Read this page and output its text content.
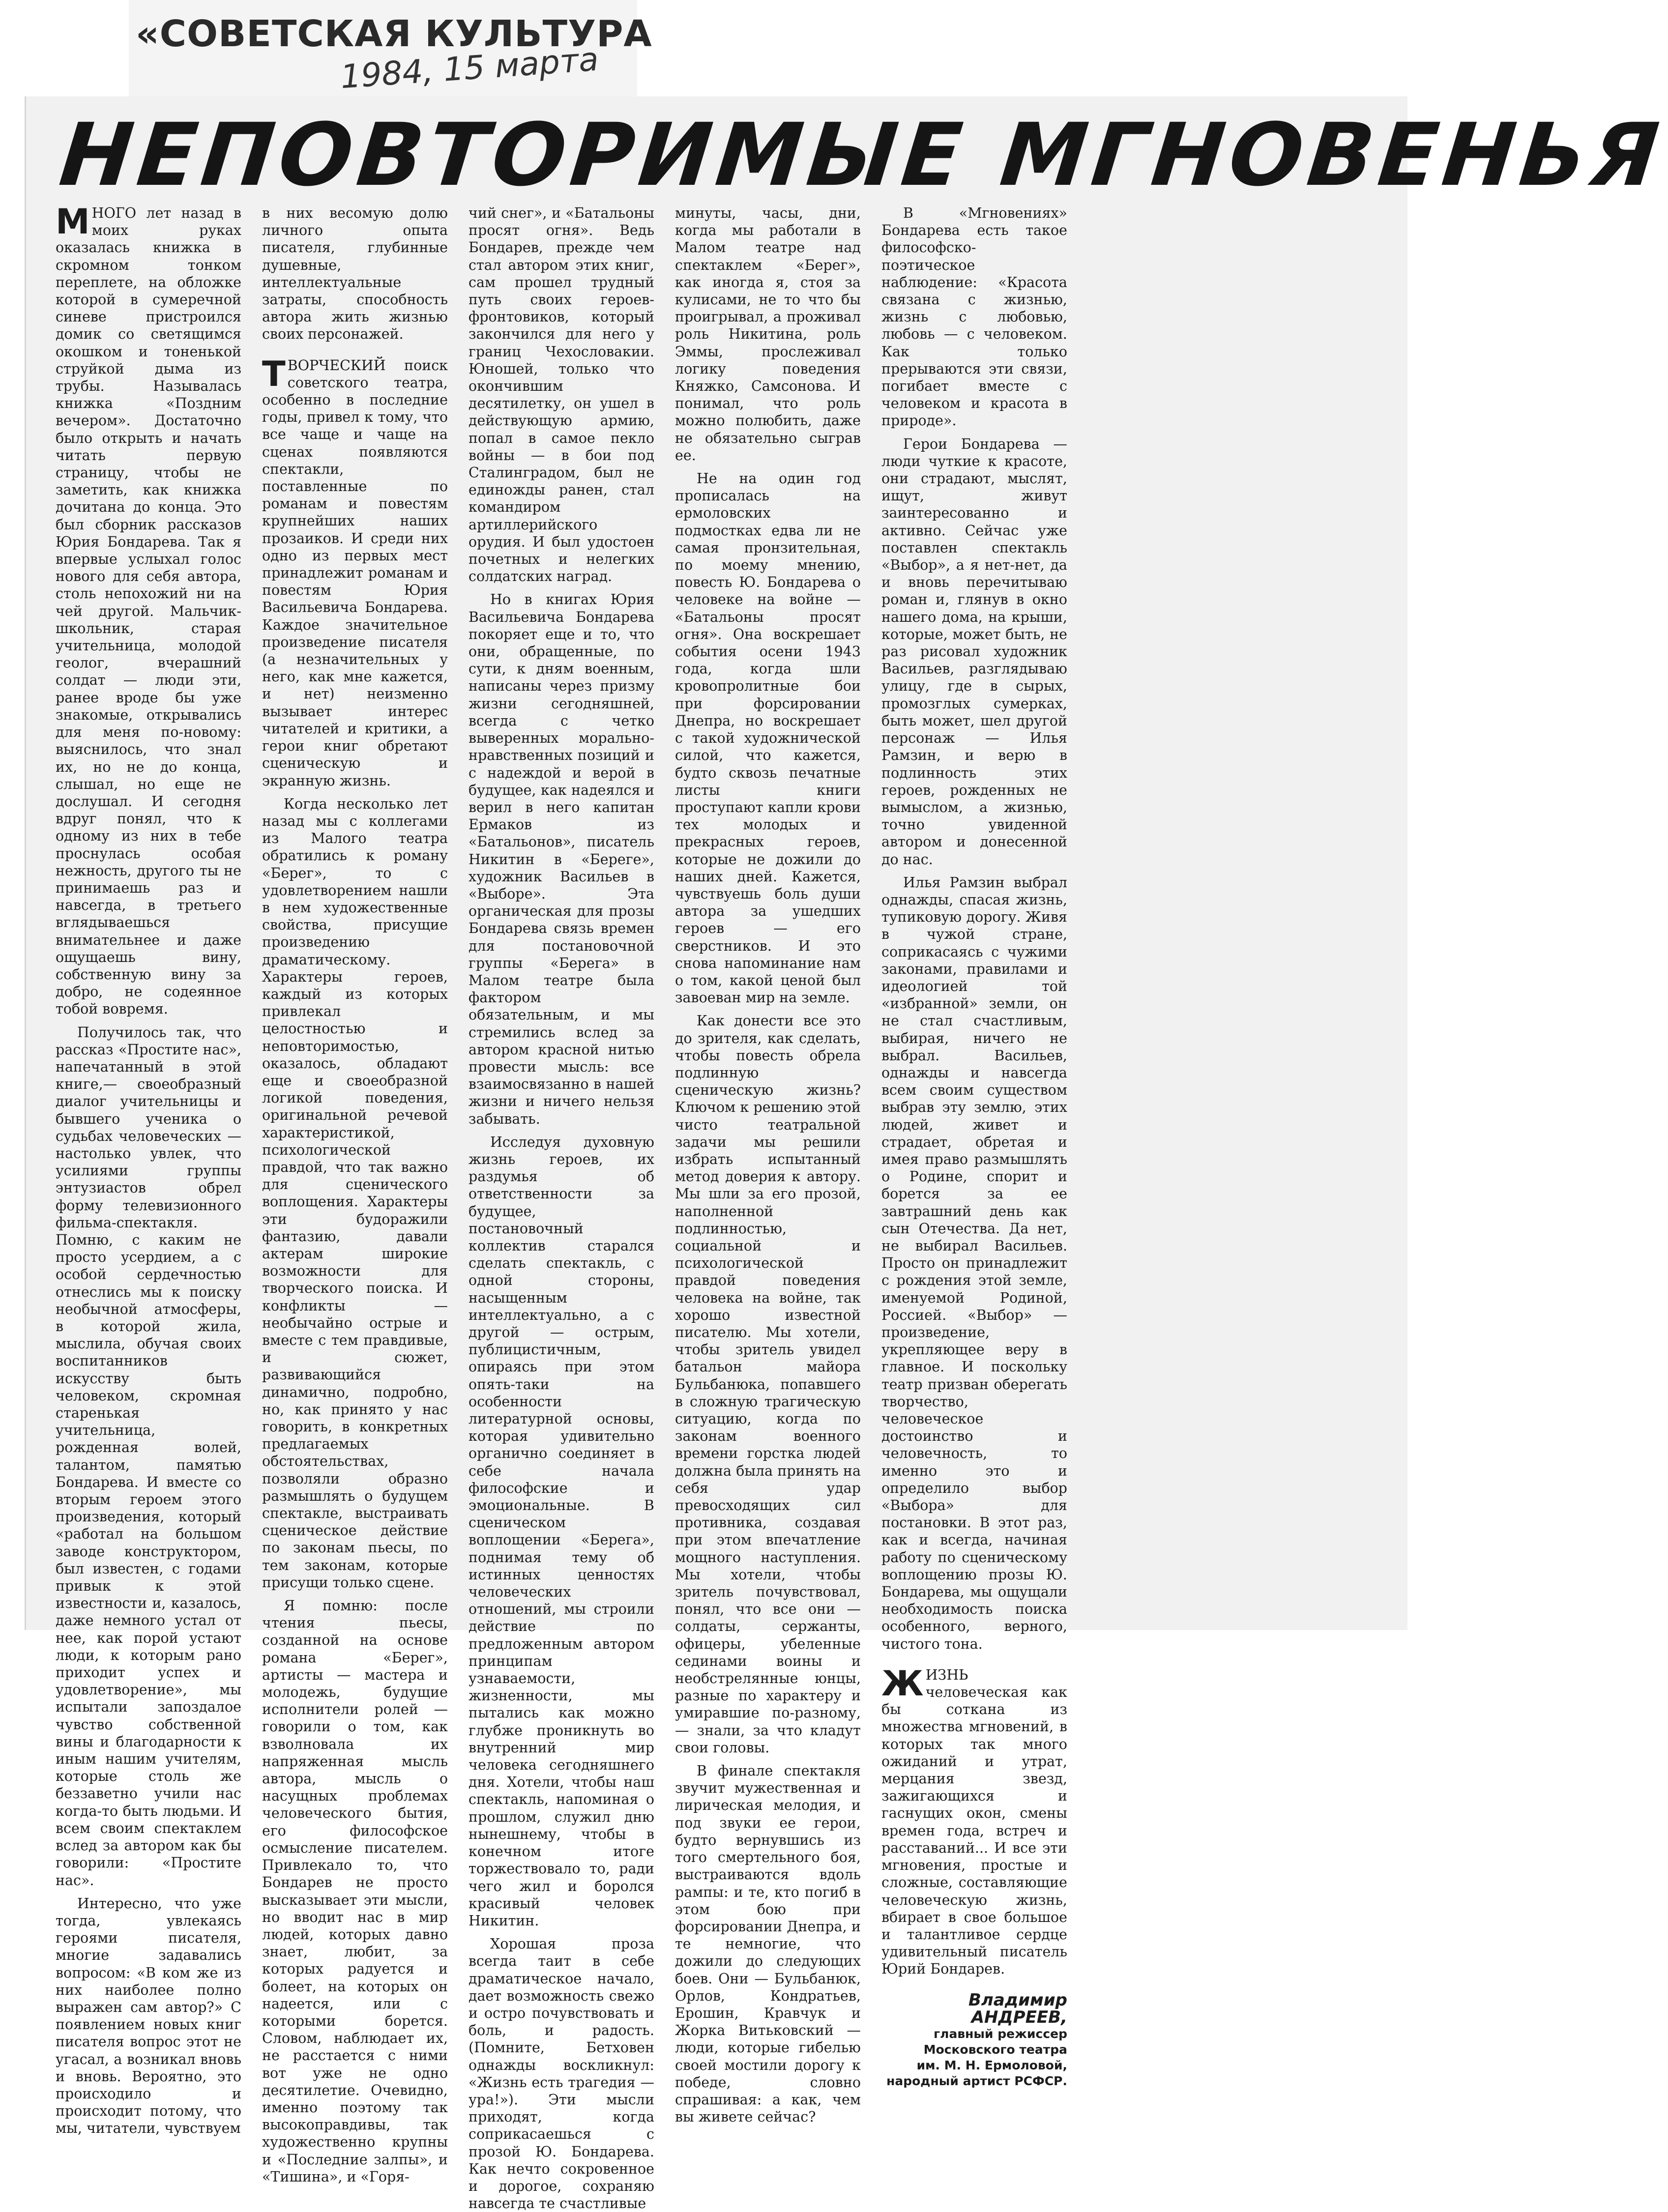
«СОВЕТСКАЯ КУЛЬТУРА
1984, 15 марта
НЕПОВТОРИМЫЕ МГНОВЕНЬЯ

МНОГО лет назад в моих руках оказалась книжка в скромном тонком переплете, на обложке которой в сумеречной синеве пристроился домик со светящимся окошком и тоненькой струйкой дыма из трубы. Называлась книжка «Поздним вечером». Достаточно было открыть и начать читать первую страницу, чтобы не заметить, как книжка дочитана до конца. Это был сборник рассказов Юрия Бондарева. Так я впервые услыхал голос нового для себя автора, столь непохожий ни на чей другой. Мальчик-школьник, старая учительница, молодой геолог, вчерашний солдат — люди эти, ранее вроде бы уже знакомые, открывались для меня по-новому: выяснилось, что знал их, но не до конца, слышал, но еще не дослушал. И сегодня вдруг понял, что к одному из них в тебе проснулась особая нежность, другого ты не принимаешь раз и навсегда, в третьего вглядываешься внимательнее и даже ощущаешь вину, собственную вину за добро, не содеянное тобой вовремя.

Получилось так, что рассказ «Простите нас», напечатанный в этой книге,— своеобразный диалог учительницы и бывшего ученика о судьбах человеческих — настолько увлек, что усилиями группы энтузиастов обрел форму телевизионного фильма-спектакля. Помню, с каким не просто усердием, а с особой сердечностью отнеслись мы к поиску необычной атмосферы, в которой жила, мыслила, обучая своих воспитанников искусству быть человеком, скромная старенькая учительница, рожденная волей, талантом, памятью Бондарева. И вместе со вторым героем этого произведения, который «работал на большом заводе конструктором, был известен, с годами привык к этой известности и, казалось, даже немного устал от нее, как порой устают люди, к которым рано приходит успех и удовлетворение», мы испытали запоздалое чувство собственной вины и благодарности к иным нашим учителям, которые столь же беззаветно учили нас когда-то быть людьми. И всем своим спектаклем вслед за автором как бы говорили: «Простите нас».

Интересно, что уже тогда, увлекаясь героями писателя, многие задавались вопросом: «В ком же из них наиболее полно выражен сам автор?» С появлением новых книг писателя вопрос этот не угасал, а возникал вновь и вновь. Вероятно, это происходило и происходит потому, что мы, читатели, чувствуем

в них весомую долю личного опыта писателя, глубинные душевные, интеллектуальные затраты, способность автора жить жизнью своих персонажей.

ТВОРЧЕСКИЙ поиск советского театра, особенно в последние годы, привел к тому, что все чаще и чаще на сценах появляются спектакли, поставленные по романам и повестям крупнейших наших прозаиков. И среди них одно из первых мест принадлежит романам и повестям Юрия Васильевича Бондарева. Каждое значительное произведение писателя (а незначительных у него, как мне кажется, и нет) неизменно вызывает интерес читателей и критики, а герои книг обретают сценическую и экранную жизнь.

Когда несколько лет назад мы с коллегами из Малого театра обратились к роману «Берег», то с удовлетворением нашли в нем художественные свойства, присущие произведению драматическому. Характеры героев, каждый из которых привлекал целостностью и неповторимостью, оказалось, обладают еще и своеобразной логикой поведения, оригинальной речевой характеристикой, психологической правдой, что так важно для сценического воплощения. Характеры эти будоражили фантазию, давали актерам широкие возможности для творческого поиска. И конфликты — необычайно острые и вместе с тем правдивые, и сюжет, развивающийся динамично, подробно, но, как принято у нас говорить, в конкретных предлагаемых обстоятельствах, позволяли образно размышлять о будущем спектакле, выстраивать сценическое действие по законам пьесы, по тем законам, которые присущи только сцене.

Я помню: после чтения пьесы, созданной на основе романа «Берег», артисты — мастера и молодежь, будущие исполнители ролей — говорили о том, как взволновала их напряженная мысль автора, мысль о насущных проблемах человеческого бытия, его философское осмысление писателем. Привлекало то, что Бондарев не просто высказывает эти мысли, но вводит нас в мир людей, которых давно знает, любит, за которых радуется и болеет, на которых он надеется, или с которыми борется. Словом, наблюдает их, не расстается с ними вот уже не одно десятилетие. Очевидно, именно поэтому так высокоправдивы, так художественно крупны и «Последние залпы», и «Тишина», и «Горя-

чий снег», и «Батальоны просят огня». Ведь Бондарев, прежде чем стал автором этих книг, сам прошел трудный путь своих героев-фронтовиков, который закончился для него у границ Чехословакии. Юношей, только что окончившим десятилетку, он ушел в действующую армию, попал в самое пекло войны — в бои под Сталинградом, был не единожды ранен, стал командиром артиллерийского орудия. И был удостоен почетных и нелегких солдатских наград.

Но в книгах Юрия Васильевича Бондарева покоряет еще и то, что они, обращенные, по сути, к дням военным, написаны через призму жизни сегодняшней, всегда с четко выверенных морально-нравственных позиций и с надеждой и верой в будущее, как надеялся и верил в него капитан Ермаков из «Батальонов», писатель Никитин в «Береге», художник Васильев в «Выборе». Эта органическая для прозы Бондарева связь времен для постановочной группы «Берега» в Малом театре была фактором обязательным, и мы стремились вслед за автором красной нитью провести мысль: все взаимосвязанно в нашей жизни и ничего нельзя забывать.

Исследуя духовную жизнь героев, их раздумья об ответственности за будущее, постановочный коллектив старался сделать спектакль, с одной стороны, насыщенным интеллектуально, а с другой — острым, публицистичным, опираясь при этом опять-таки на особенности литературной основы, которая удивительно органично соединяет в себе начала философские и эмоциональные. В сценическом воплощении «Берега», поднимая тему об истинных ценностях человеческих отношений, мы строили действие по предложенным автором принципам узнаваемости, жизненности, мы пытались как можно глубже проникнуть во внутренний мир человека сегодняшнего дня. Хотели, чтобы наш спектакль, напоминая о прошлом, служил дню нынешнему, чтобы в конечном итоге торжествовало то, ради чего жил и боролся красивый человек Никитин.

Хорошая проза всегда таит в себе драматическое начало, дает возможность свежо и остро почувствовать и боль, и радость. (Помните, Бетховен однажды воскликнул: «Жизнь есть трагедия — ура!»). Эти мысли приходят, когда соприкасаешься с прозой Ю. Бондарева. Как нечто сокровенное и дорогое, сохраняю навсегда те счастливые

минуты, часы, дни, когда мы работали в Малом театре над спектаклем «Берег», как иногда я, стоя за кулисами, не то что бы проигрывал, а проживал роль Никитина, роль Эммы, прослеживал логику поведения Княжко, Самсонова. И понимал, что роль можно полюбить, даже не обязательно сыграв ее.

Не на один год прописалась на ермоловских подмостках едва ли не самая пронзительная, по моему мнению, повесть Ю. Бондарева о человеке на войне — «Батальоны просят огня». Она воскрешает события осени 1943 года, когда шли кровопролитные бои при форсировании Днепра, но воскрешает с такой художнической силой, что кажется, будто сквозь печатные листы книги проступают капли крови тех молодых и прекрасных героев, которые не дожили до наших дней. Кажется, чувствуешь боль души автора за ушедших героев — его сверстников. И это снова напоминание нам о том, какой ценой был завоеван мир на земле.

Как донести все это до зрителя, как сделать, чтобы повесть обрела подлинную сценическую жизнь? Ключом к решению этой чисто театральной задачи мы решили избрать испытанный метод доверия к автору. Мы шли за его прозой, наполненной подлинностью, социальной и психологической правдой поведения человека на войне, так хорошо известной писателю. Мы хотели, чтобы зритель увидел батальон майора Бульбанюка, попавшего в сложную трагическую ситуацию, когда по законам военного времени горстка людей должна была принять на себя удар превосходящих сил противника, создавая при этом впечатление мощного наступления. Мы хотели, чтобы зритель почувствовал, понял, что все они — солдаты, сержанты, офицеры, убеленные сединами воины и необстрелянные юнцы, разные по характеру и умиравшие по-разному,— знали, за что кладут свои головы.

В финале спектакля звучит мужественная и лирическая мелодия, и под звуки ее герои, будто вернувшись из того смертельного боя, выстраиваются вдоль рампы: и те, кто погиб в этом бою при форсировании Днепра, и те немногие, что дожили до следующих боев. Они — Бульбанюк, Орлов, Кондратьев, Ерошин, Кравчук и Жорка Витьковский — люди, которые гибелью своей мостили дорогу к победе, словно спрашивая: а как, чем вы живете сейчас?

В «Мгновениях» Бондарева есть такое философско-поэтическое наблюдение: «Красота связана с жизнью, жизнь с любовью, любовь — с человеком. Как только прерываются эти связи, погибает вместе с человеком и красота в природе».

Герои Бондарева — люди чуткие к красоте, они страдают, мыслят, ищут, живут заинтересованно и активно. Сейчас уже поставлен спектакль «Выбор», а я нет-нет, да и вновь перечитываю роман и, глянув в окно нашего дома, на крыши, которые, может быть, не раз рисовал художник Васильев, разглядываю улицу, где в сырых, промозглых сумерках, быть может, шел другой персонаж — Илья Рамзин, и верю в подлинность этих героев, рожденных не вымыслом, а жизнью, точно увиденной автором и донесенной до нас.

Илья Рамзин выбрал однажды, спасая жизнь, тупиковую дорогу. Живя в чужой стране, соприкасаясь с чужими законами, правилами и идеологией той «избранной» земли, он не стал счастливым, выбирая, ничего не выбрал. Васильев, однажды и навсегда всем своим существом выбрав эту землю, этих людей, живет и страдает, обретая и имея право размышлять о Родине, спорит и борется за ее завтрашний день как сын Отечества. Да нет, не выбирал Васильев. Просто он принадлежит с рождения этой земле, именуемой Родиной, Россией. «Выбор» — произведение, укрепляющее веру в главное. И поскольку театр призван оберегать творчество, человеческое достоинство и человечность, то именно это и определило выбор «Выбора» для постановки. В этот раз, как и всегда, начиная работу по сценическому воплощению прозы Ю. Бондарева, мы ощущали необходимость поиска особенного, верного, чистого тона.

ЖИЗНЬ человеческая как бы соткана из множества мгновений, в которых так много ожиданий и утрат, мерцания звезд, зажигающихся и гаснущих окон, смены времен года, встреч и расставаний... И все эти мгновения, простые и сложные, составляющие человеческую жизнь, вбирает в свое большое и талантливое сердце удивительный писатель Юрий Бондарев.

Владимир АНДРЕЕВ,
главный режиссер
Московского театра
им. М. Н. Ермоловой,
народный артист РСФСР.
